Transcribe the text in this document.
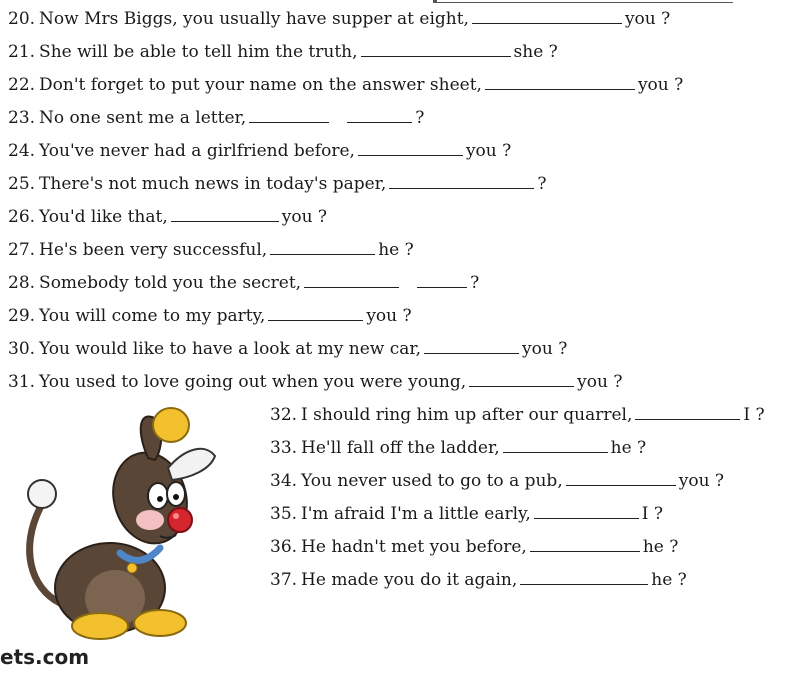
20. Now Mrs Biggs, you usually have supper at eight,	you ?
21. She will be able to tell him the truth,	she ?
22. Don't forget to put your name on the answer sheet,	you ?
23. No one sent me a letter,	?
24. You've never had a girlfriend before,	you ?
25. There's not much news in today's paper,	?
26. You'd like that,	you ?
27. He's been very successful,	he ?
28. Somebody told you the secret,	?
29. You will come to my party,	you ?
30. You would like to have a look at my new car,	you ?
31. You used to love going out when you were young,	you ?
32. I should ring him up after our quarrel,	I ?
33. He'll fall off the ladder,	he ?
34. You never used to go to a pub,	you ?
35. I'm afraid I'm a little early,	I ?
36. He hadn't met you before,	he ?
37. He made you do it again,	he ?
ets.com
